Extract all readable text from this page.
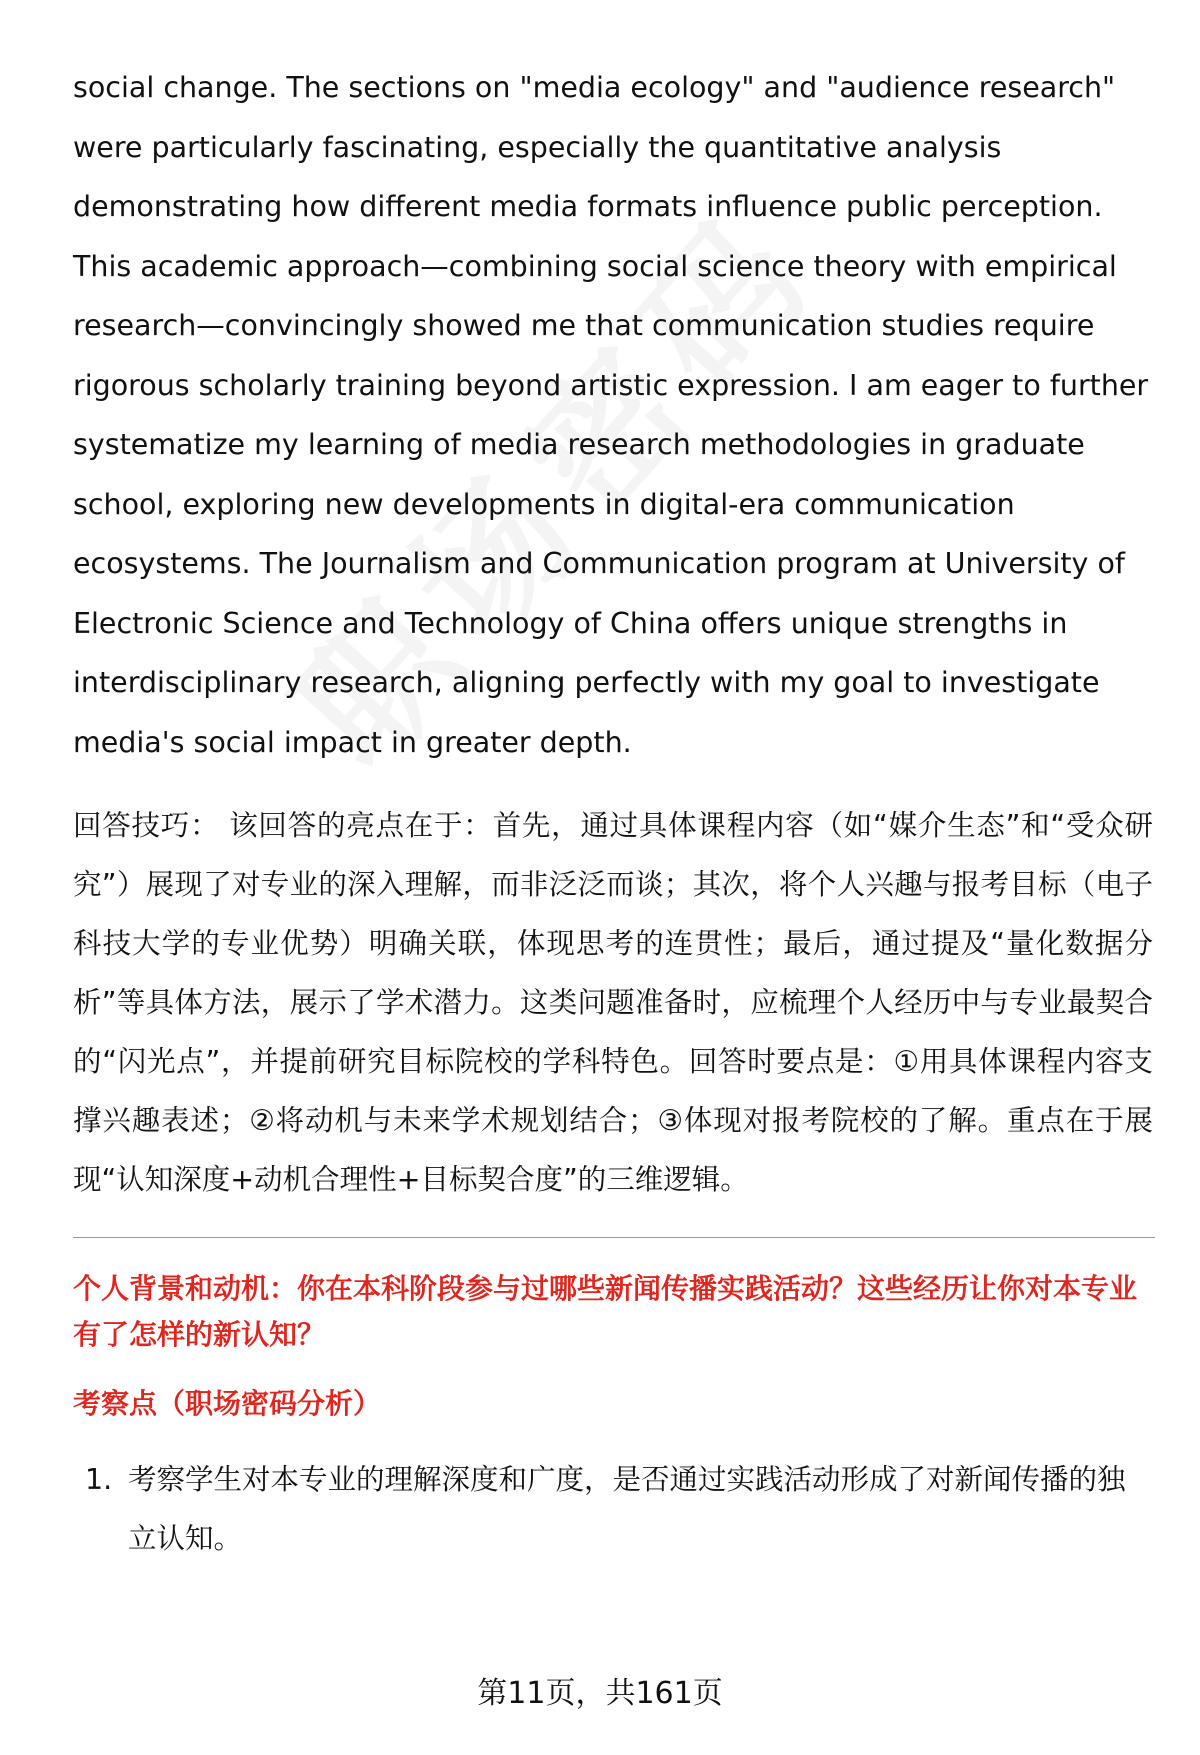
social change. The sections on "media ecology" and "audience research" were particularly fascinating, especially the quantitative analysis demonstrating how different media formats influence public perception. This academic approach—combining social science theory with empirical research—convincingly showed me that communication studies require rigorous scholarly training beyond artistic expression. I am eager to further systematize my learning of media research methodologies in graduate school, exploring new developments in digital-era communication ecosystems. The Journalism and Communication program at University of Electronic Science and Technology of China offers unique strengths in interdisciplinary research, aligning perfectly with my goal to investigate media's social impact in greater depth.

回答技巧： 该回答的亮点在于：首先，通过具体课程内容（如“媒介生态”和“受众研究”）展现了对专业的深入理解，而非泛泛而谈；其次，将个人兴趣与报考目标（电子科技大学的专业优势）明确关联，体现思考的连贯性；最后，通过提及“量化数据分析”等具体方法，展示了学术潜力。这类问题准备时，应梳理个人经历中与专业最契合的“闪光点”，并提前研究目标院校的学科特色。回答时要点是：①用具体课程内容支撑兴趣表述；②将动机与未来学术规划结合；③体现对报考院校的了解。重点在于展现“认知深度+动机合理性+目标契合度”的三维逻辑。

个人背景和动机：你在本科阶段参与过哪些新闻传播实践活动？这些经历让你对本专业有了怎样的新认知？

考察点（职场密码分析）

1. 考察学生对本专业的理解深度和广度，是否通过实践活动形成了对新闻传播的独立认知。
第11页，共161页
